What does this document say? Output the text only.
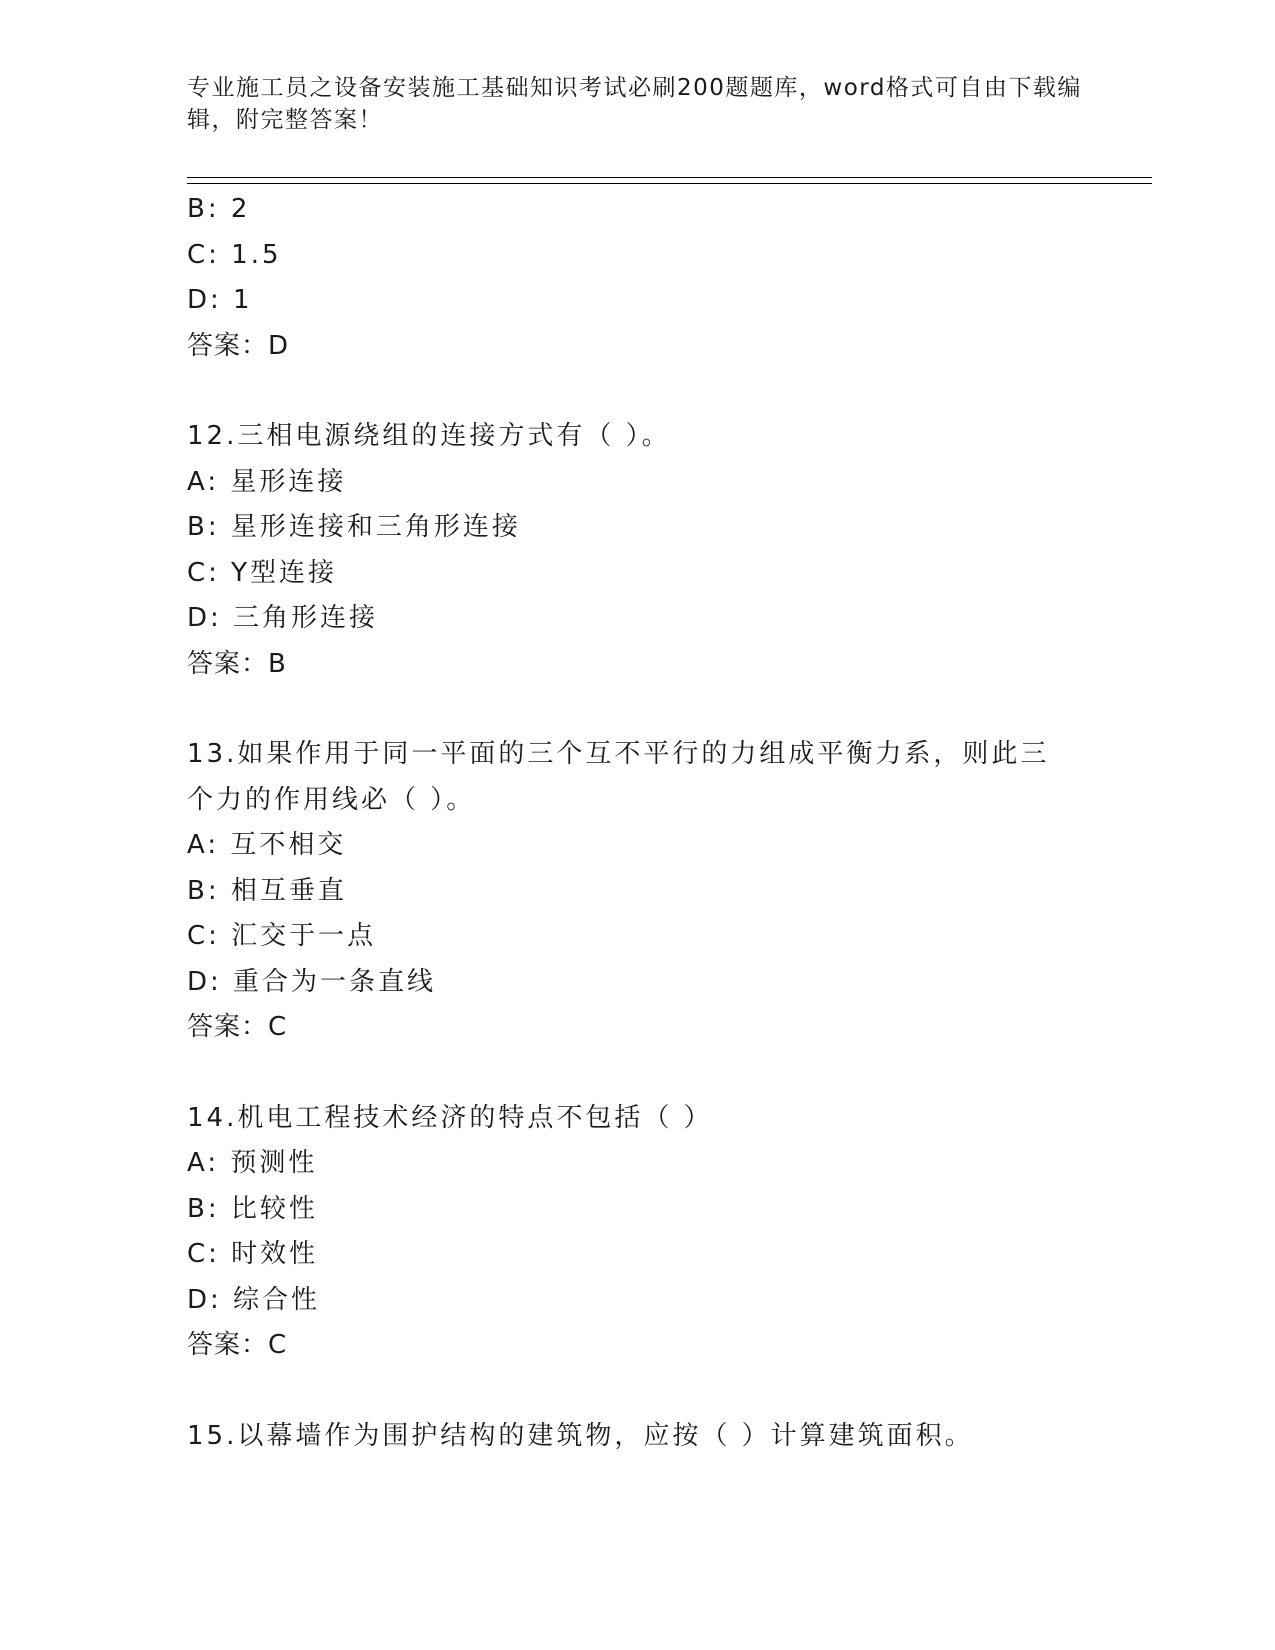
专业施工员之设备安装施工基础知识考试必刷200题题库，word格式可自由下载编辑，附完整答案！
B: 2
C: 1.5
D: 1
答案：D
12.三相电源绕组的连接方式有（ ）。
A: 星形连接
B: 星形连接和三角形连接
C: Y型连接
D: 三角形连接
答案：B
13.如果作用于同一平面的三个互不平行的力组成平衡力系，则此三个力的作用线必（ ）。
A: 互不相交
B: 相互垂直
C: 汇交于一点
D: 重合为一条直线
答案：C
14.机电工程技术经济的特点不包括（ ）
A: 预测性
B: 比较性
C: 时效性
D: 综合性
答案：C
15.以幕墙作为围护结构的建筑物，应按（ ）计算建筑面积。
